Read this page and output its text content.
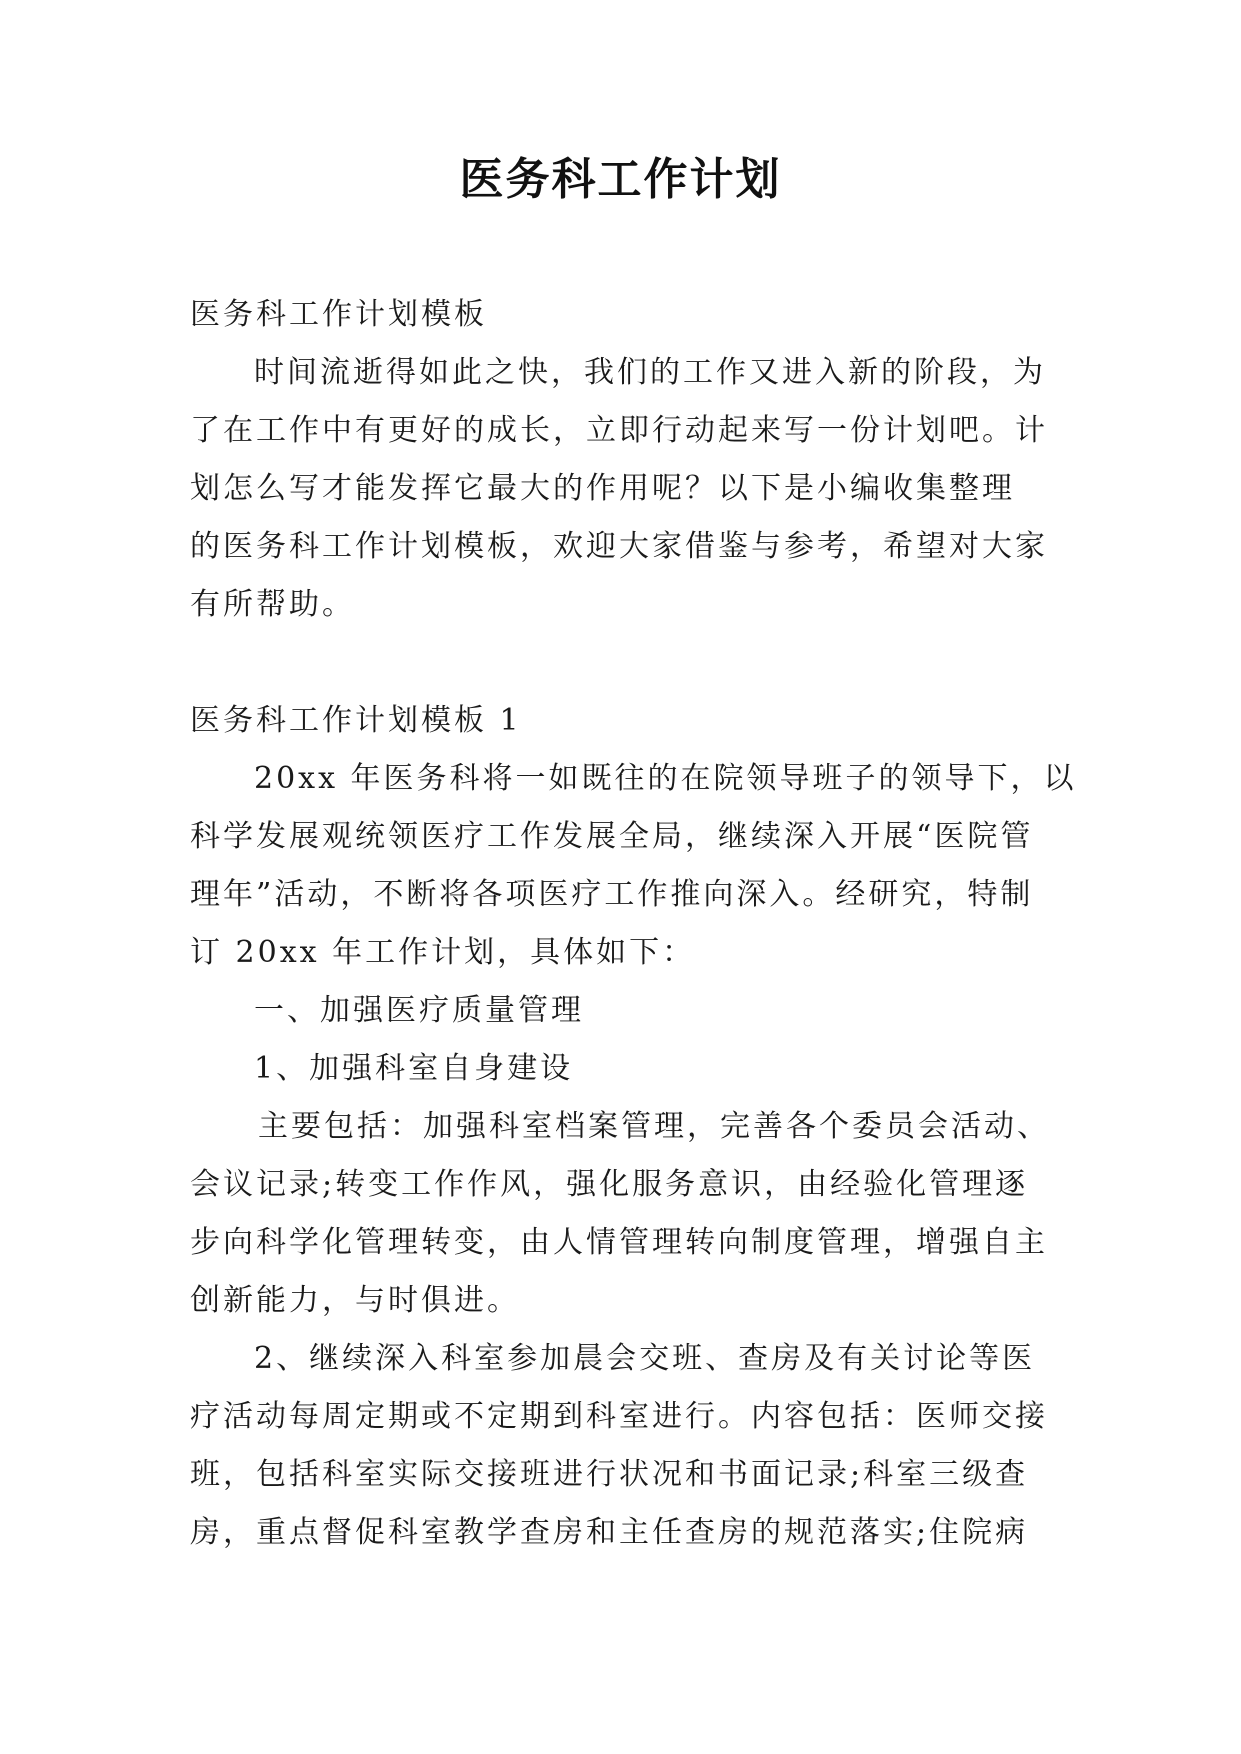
医务科工作计划
医务科工作计划模板
时间流逝得如此之快，我们的工作又进入新的阶段，为
了在工作中有更好的成长，立即行动起来写一份计划吧。计
划怎么写才能发挥它最大的作用呢？以下是小编收集整理
的医务科工作计划模板，欢迎大家借鉴与参考，希望对大家
有所帮助。
医务科工作计划模板 1
20xx 年医务科将一如既往的在院领导班子的领导下，以
科学发展观统领医疗工作发展全局，继续深入开展“医院管
理年”活动，不断将各项医疗工作推向深入。经研究，特制
订 20xx 年工作计划，具体如下：
一、加强医疗质量管理
1、加强科室自身建设
主要包括：加强科室档案管理，完善各个委员会活动、
会议记录;转变工作作风，强化服务意识，由经验化管理逐
步向科学化管理转变，由人情管理转向制度管理，增强自主
创新能力，与时俱进。
2、继续深入科室参加晨会交班、查房及有关讨论等医
疗活动每周定期或不定期到科室进行。内容包括：医师交接
班，包括科室实际交接班进行状况和书面记录;科室三级查
房，重点督促科室教学查房和主任查房的规范落实;住院病
